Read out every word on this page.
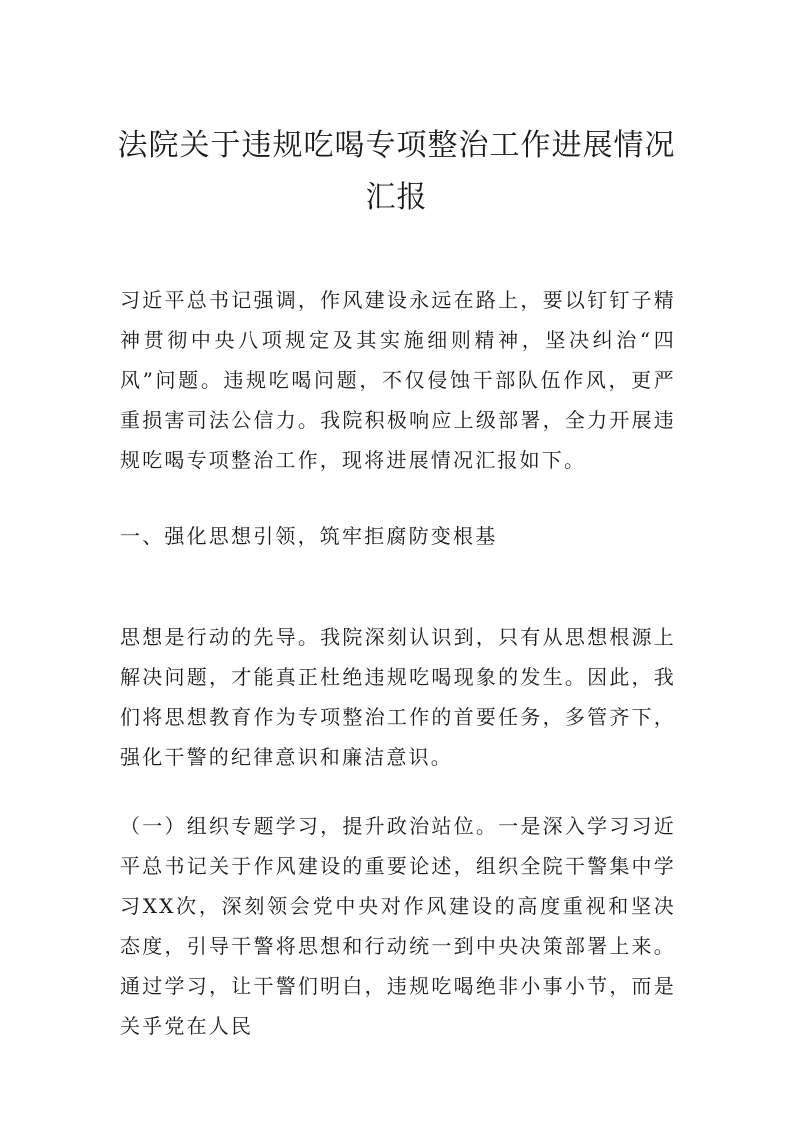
法院关于违规吃喝专项整治工作进展情况
汇报

习近平总书记强调，作风建设永远在路上，要以钉钉子精神贯彻中央八项规定及其实施细则精神，坚决纠治“四风”问题。违规吃喝问题，不仅侵蚀干部队伍作风，更严重损害司法公信力。我院积极响应上级部署，全力开展违规吃喝专项整治工作，现将进展情况汇报如下。

一、强化思想引领，筑牢拒腐防变根基

思想是行动的先导。我院深刻认识到，只有从思想根源上解决问题，才能真正杜绝违规吃喝现象的发生。因此，我们将思想教育作为专项整治工作的首要任务，多管齐下，强化干警的纪律意识和廉洁意识。

（一）组织专题学习，提升政治站位。一是深入学习习近平总书记关于作风建设的重要论述，组织全院干警集中学习XX次，深刻领会党中央对作风建设的高度重视和坚决态度，引导干警将思想和行动统一到中央决策部署上来。通过学习，让干警们明白，违规吃喝绝非小事小节，而是关乎党在人民
